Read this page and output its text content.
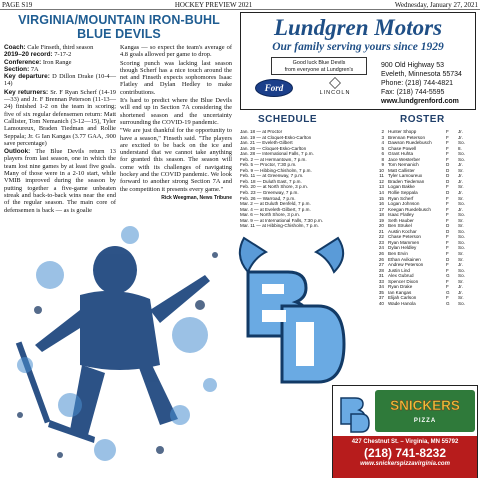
PAGE S19	HOCKEY PREVIEW 2021	Wednesday, January 27, 2021
VIRGINIA/MOUNTAIN IRON-BUHL BLUE DEVILS

Coach: Cale Finseth, third season
2019–20 record: 7-17-2
Conference: Iron Range
Section: 7A
Key departure: D Dillon Drake (10-4—14)

Key returners: Sr. F Ryan Scherf (14-19—33) and Jr. F Brennan Peterson (11-13—24) finished 1-2 on the team in scoring; five of six regular defensemen return: Matt Callister, Tom Nemanich (3-12—15), Tyler Lamoureux, Braden Tiedman and Rollie Seppala; Jr. G Ian Kangas (3.77 GAA, .900 save percentage)

Outlook: The Blue Devils return 13 players from last season, one in which the team lost nine games by at least five goals. Many of those were in a 2-10 start, while VMIB improved during the season by putting together a five-game unbeaten streak and back-to-back wins near the end of the regular season. The main core of defensemen is back — as is goalie

Kangas — so expect the team's average of 4.8 goals allowed per game to drop.

Scoring punch was lacking last season though Scherf has a nice touch around the net and Finseth expects sophomores Isaac Flatley and Dylan Hedley to make contributions.

It's hard to predict where the Blue Devils will end up in Section 7A considering the shortened season and the uncertainty surrounding the COVID-19 pandemic.

"We are just thankful for the opportunity to have a season," Finseth said. "The players are excited to be back on the ice and understand that we cannot take anything for granted this season. The season will come with its challenges of navigating hockey and the COVID pandemic. We look forward to another strong Section 7A and the competition it presents every game."

Rick Weegman, News Tribune
Lundgren Motors
Our family serving yours since 1929
Good luck Blue Devils
from everyone at Lundgren's
Ford	LINCOLN
900 Old Highway 53
Eveleth, Minnesota 55734
Phone: (218) 744-4821
Fax: (218) 744-5595
www.lundgrenford.com
SCHEDULE	ROSTER
Jan. 18 — at Proctor
Jan. 19 — at Cloquet-Esko-Carlton
Jan. 21 — Eveleth-Gilbert
Jan. 26 — Cloquet-Esko-Carlton
Jan. 28 — International Falls, 7 p.m.
Feb. 2 — at Hermantown, 7 p.m.
Feb. 5 — Proctor, 7:30 p.m.
Feb. 9 — Hibbing-Chisholm, 7 p.m.
Feb. 11 — at Greenway, 7 p.m.
Feb. 18 — Duluth East, 7 p.m.
Feb. 20 — at North Shore, 3 p.m.
Feb. 23 — Greenway, 7 p.m.
Feb. 26 — Warroad, 7 p.m.
Mar. 2 — at Duluth Denfeld, 7 p.m.
Mar. 4 — at Eveleth-Gilbert, 7 p.m.
Mar. 6 — North Shore, 3 p.m.
Mar. 9 — at International Falls, 7:30 p.m.
Mar. 11 — at Hibbing-Chisholm, 7 p.m.
2 Hunter Shopp	F	Jr.
3 Brennan Peterson	F	Jr.
4 Dawson Ruedebusch	F	So.
5 Chase Powell	F	8.
6 Grant Huhta	F	So.
8 Jace Westerber	F	So.
9 Tom Nemanich	D	Jr.
10 Matt Callister	D	Sr.
11 Tyler Lamoureux	D	Jr.
12 Braden Tiedeman	D	Jr.
13 Logan Bakke	F	Sr.
14 Rollie Seppala	D	Jr.
15 Ryan Scherf	F	Sr.
16 Logan Johnson	F	So.
17 Keegan Ruedebusch	F	Jr.
18 Isaac Flatley	F	So.
19 Seth Hauber	F	Sr.
20 Ben Strukel	D	Sr.
21 Austin Kochar	D	So.
22 Chase Peterson	F	So.
23 Ryan Mammen	F	So.
24 Dylan Heldley	F	So.
26 Ben Ervin	F	Sr.
26 Ethan Avikainen	D	Sr.
27 Andrew Peterson	F	Jr.
28 Justin Lind	F	So.
31 Alex Gubrud	G	So.
33 Spencer Dixon	F	Sr.
34 Ryan Drake	F	Jr.
35 Ian Kangas	G	Jr.
37 Elijah Carlson	F	Sr.
40 Wade Hanola	G	So.
SNICKERS
PIZZA
427 Chestnut St. – Virginia, MN 55792
(218) 741-8232
www.snickerspizzavirginia.com
